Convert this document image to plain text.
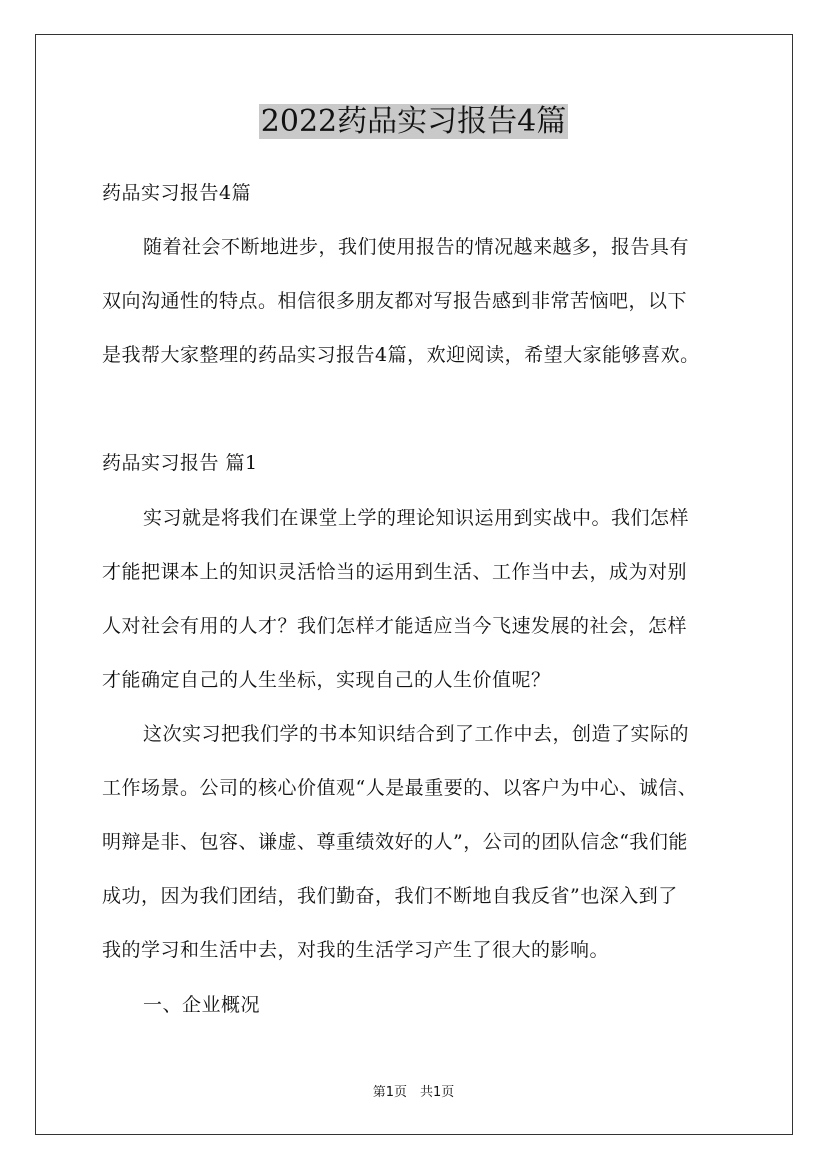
2022药品实习报告4篇
药品实习报告4篇
随着社会不断地进步，我们使用报告的情况越来越多，报告具有
双向沟通性的特点。相信很多朋友都对写报告感到非常苦恼吧，以下
是我帮大家整理的药品实习报告4篇，欢迎阅读，希望大家能够喜欢。
药品实习报告 篇1
实习就是将我们在课堂上学的理论知识运用到实战中。我们怎样
才能把课本上的知识灵活恰当的运用到生活、工作当中去，成为对别
人对社会有用的人才？我们怎样才能适应当今飞速发展的社会，怎样
才能确定自己的人生坐标，实现自己的人生价值呢？
这次实习把我们学的书本知识结合到了工作中去，创造了实际的
工作场景。公司的核心价值观“人是最重要的、以客户为中心、诚信、
明辩是非、包容、谦虚、尊重绩效好的人”，公司的团队信念“我们能
成功，因为我们团结，我们勤奋，我们不断地自我反省”也深入到了
我的学习和生活中去，对我的生活学习产生了很大的影响。
一、企业概况
第1页　共1页
